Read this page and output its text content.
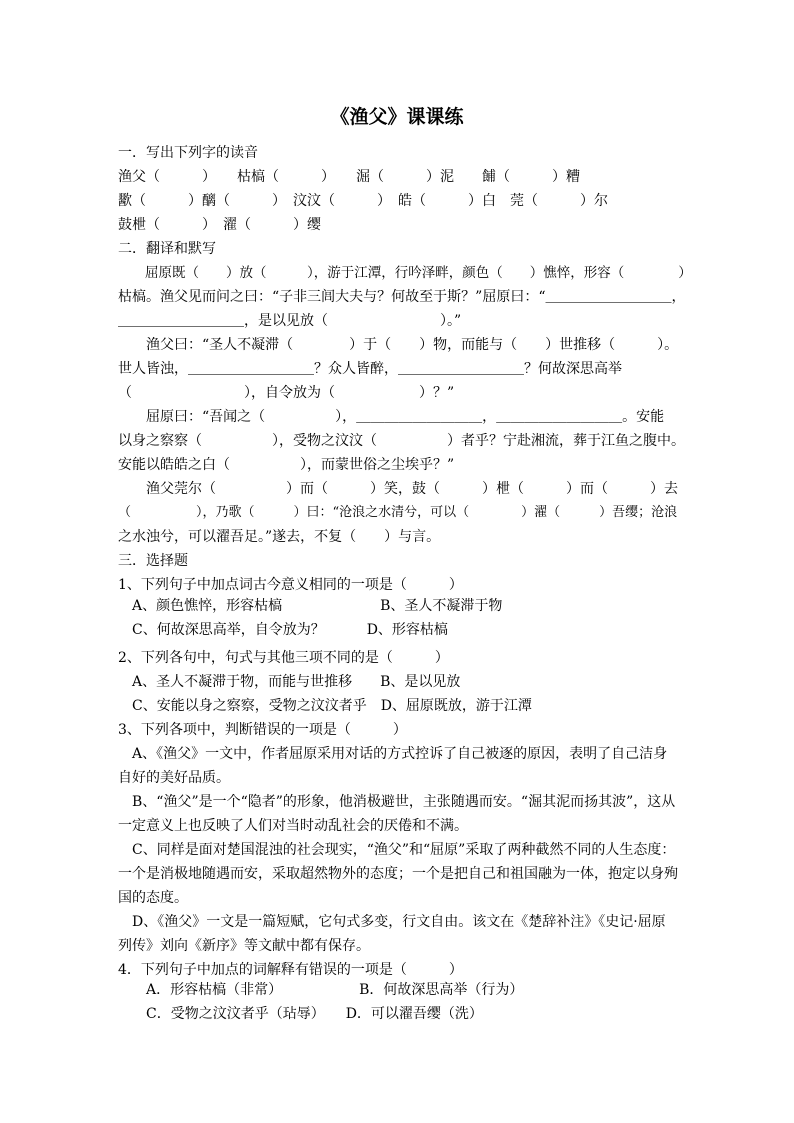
《渔父》课课练
一．写出下列字的读音
渔父（　　　）　　枯槁（　　　）　　淈（　　　）泥　　餔（　　　）糟
歠（　　　）醨（　　　）　汶汶（　　　）　皓（　　　）白　莞（　　　）尔
鼓枻（　　　）　濯（　　　）缨
二．翻译和默写
　　屈原既（　　）放（　　　），游于江潭，行吟泽畔，颜色（　　）憔悴，形容（　　　　）
枯槁。渔父见而问之曰：“子非三闾大夫与？何故至于斯？”屈原曰：“＿＿＿＿＿＿＿＿＿，
＿＿＿＿＿＿＿＿＿，是以见放（　　　　　　　　）。”
　　渔父曰：“圣人不凝滞（　　　　）于（　　）物，而能与（　　）世推移（　　　）。
世人皆浊，＿＿＿＿＿＿＿＿＿？众人皆醉，＿＿＿＿＿＿＿＿＿？何故深思高举
（　　　　　　　　），自令放为（　　　　　　）？”
　　屈原曰：“吾闻之（　　　　　），＿＿＿＿＿＿＿＿＿，＿＿＿＿＿＿＿＿＿。安能
以身之察察（　　　　　），受物之汶汶（　　　　　）者乎？宁赴湘流，葬于江鱼之腹中。
安能以皓皓之白（　　　　　），而蒙世俗之尘埃乎？”
　　渔父莞尔（　　　　　）而（　　　）笑，鼓（　　　）枻（　　　）而（　　　）去
（　　　　　），乃歌（　　　）曰：“沧浪之水清兮，可以（　　　　）濯（　　　）吾缨；沧浪
之水浊兮，可以濯吾足。”遂去，不复（　　）与言。
三．选择题
1、下列句子中加点词古今意义相同的一项是（　　　）
　A、颜色憔悴，形容枯槁　　　　　　　B、圣人不凝滞于物
　C、何故深思高举，自令放为？　　　D、形容枯槁
2、下列各句中，句式与其他三项不同的是（　　　）
　A、圣人不凝滞于物，而能与世推移　　B、是以见放
　C、安能以身之察察，受物之汶汶者乎　D、屈原既放，游于江潭
3、下列各项中，判断错误的一项是（　　　）
　A、《渔父》一文中，作者屈原采用对话的方式控诉了自己被逐的原因，表明了自己洁身
自好的美好品质。
　B、“渔父”是一个“隐者”的形象，他消极避世，主张随遇而安。“淈其泥而扬其波”，这从
一定意义上也反映了人们对当时动乱社会的厌倦和不满。
　C、同样是面对楚国混浊的社会现实，“渔父”和“屈原”采取了两种截然不同的人生态度：
一个是消极地随遇而安，采取超然物外的态度；一个是把自己和祖国融为一体，抱定以身殉
国的态度。
　D、《渔父》一文是一篇短赋，它句式多变，行文自由。该文在《楚辞补注》《史记·屈原
列传》刘向《新序》等文献中都有保存。
4．下列句子中加点的词解释有错误的一项是（　　　）
　　A．形容枯槁（非常）　　　　　　B．何故深思高举（行为）
　　C．受物之汶汶者乎（玷辱）　　D．可以濯吾缨（洗）
